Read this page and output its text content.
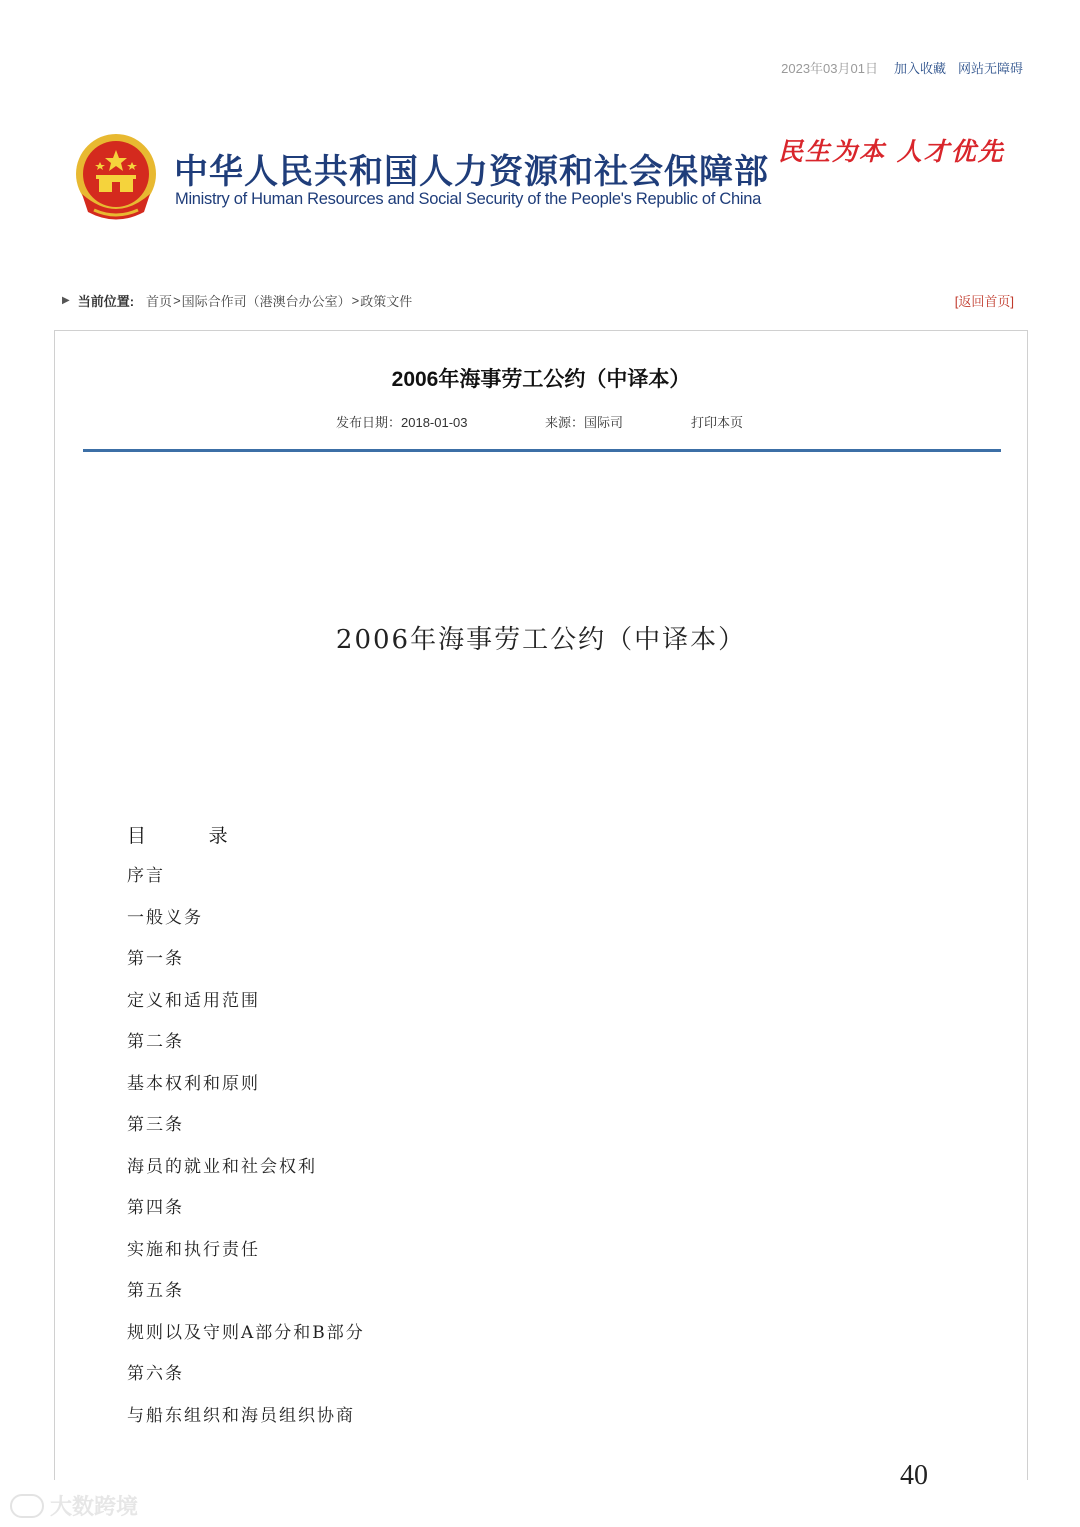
2023年03月01日 加入收藏 网站无障碍
中华人民共和国人力资源和社会保障部
Ministry of Human Resources and Social Security of the People's Republic of China
民生为本 人才优先
▶ 当前位置: 首页 > 国际合作司（港澳台办公室） > 政策文件	[返回首页]
2006年海事劳工公约（中译本）
发布日期：2018-01-03	来源：国际司	打印本页
2006年海事劳工公约（中译本）
目	录
序言
一般义务
第一条
定义和适用范围
第二条
基本权利和原则
第三条
海员的就业和社会权利
第四条
实施和执行责任
第五条
规则以及守则A部分和B部分
第六条
与船东组织和海员组织协商
40
大数跨境
